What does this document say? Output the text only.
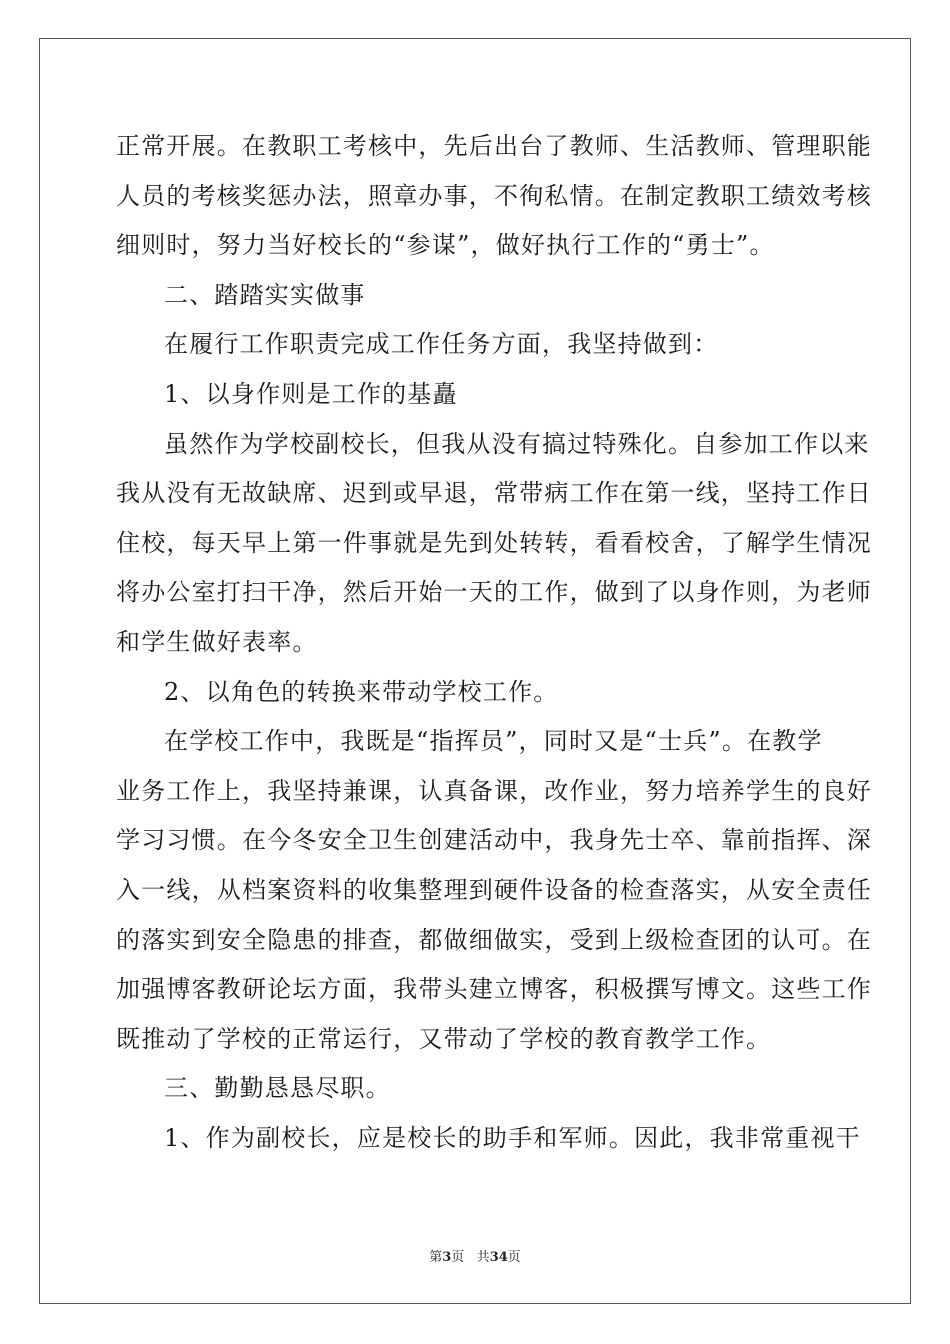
正常开展。在教职工考核中，先后出台了教师、生活教师、管理职能
人员的考核奖惩办法，照章办事，不徇私情。在制定教职工绩效考核
细则时，努力当好校长的“参谋”，做好执行工作的“勇士”。
二、踏踏实实做事
在履行工作职责完成工作任务方面，我坚持做到：
1、以身作则是工作的基矗
虽然作为学校副校长，但我从没有搞过特殊化。自参加工作以来
我从没有无故缺席、迟到或早退，常带病工作在第一线，坚持工作日
住校，每天早上第一件事就是先到处转转，看看校舍，了解学生情况
将办公室打扫干净，然后开始一天的工作，做到了以身作则，为老师
和学生做好表率。
2、以角色的转换来带动学校工作。
在学校工作中，我既是“指挥员”，同时又是“士兵”。在教学
业务工作上，我坚持兼课，认真备课，改作业，努力培养学生的良好
学习习惯。在今冬安全卫生创建活动中，我身先士卒、靠前指挥、深
入一线，从档案资料的收集整理到硬件设备的检查落实，从安全责任
的落实到安全隐患的排查，都做细做实，受到上级检查团的认可。在
加强博客教研论坛方面，我带头建立博客，积极撰写博文。这些工作
既推动了学校的正常运行，又带动了学校的教育教学工作。
三、勤勤恳恳尽职。
1、作为副校长，应是校长的助手和军师。因此，我非常重视干
第3页 共34页
